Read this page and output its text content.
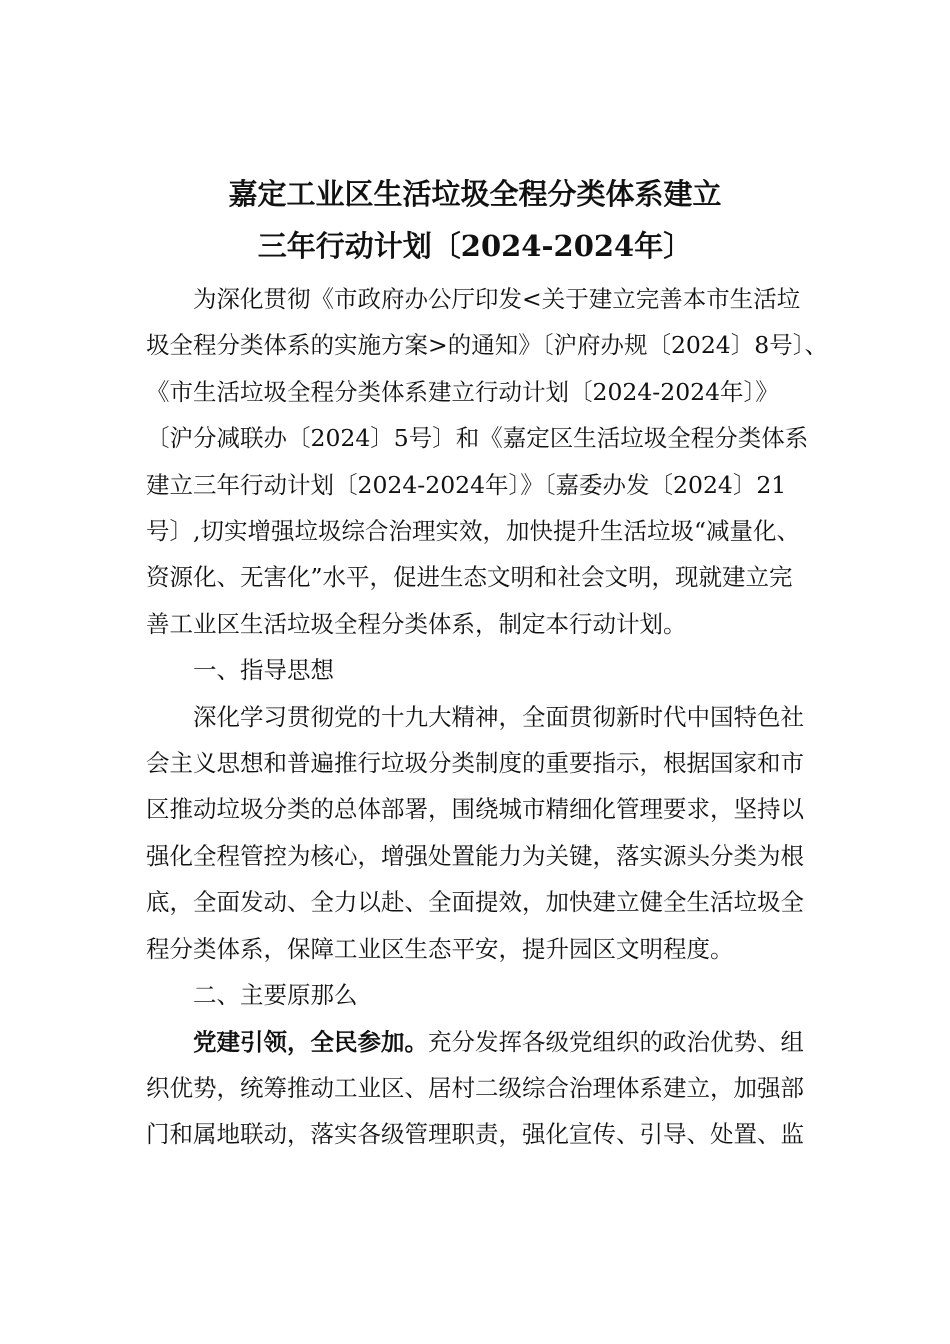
嘉定工业区生活垃圾全程分类体系建立
三年行动计划〔2024-2024年〕
为深化贯彻《市政府办公厅印发<关于建立完善本市生活垃
圾全程分类体系的实施方案>的通知》〔沪府办规〔2024〕8号〕、
《市生活垃圾全程分类体系建立行动计划〔2024-2024年〕》
〔沪分减联办〔2024〕5号〕和《嘉定区生活垃圾全程分类体系
建立三年行动计划〔2024-2024年〕》〔嘉委办发〔2024〕21
号〕,切实增强垃圾综合治理实效，加快提升生活垃圾“减量化、
资源化、无害化”水平，促进生态文明和社会文明，现就建立完
善工业区生活垃圾全程分类体系，制定本行动计划。
一、指导思想
深化学习贯彻党的十九大精神，全面贯彻新时代中国特色社
会主义思想和普遍推行垃圾分类制度的重要指示，根据国家和市
区推动垃圾分类的总体部署，围绕城市精细化管理要求，坚持以
强化全程管控为核心，增强处置能力为关键，落实源头分类为根
底，全面发动、全力以赴、全面提效，加快建立健全生活垃圾全
程分类体系，保障工业区生态平安，提升园区文明程度。
二、主要原那么
党建引领，全民参加。充分发挥各级党组织的政治优势、组
织优势，统筹推动工业区、居村二级综合治理体系建立，加强部
门和属地联动，落实各级管理职责，强化宣传、引导、处置、监
